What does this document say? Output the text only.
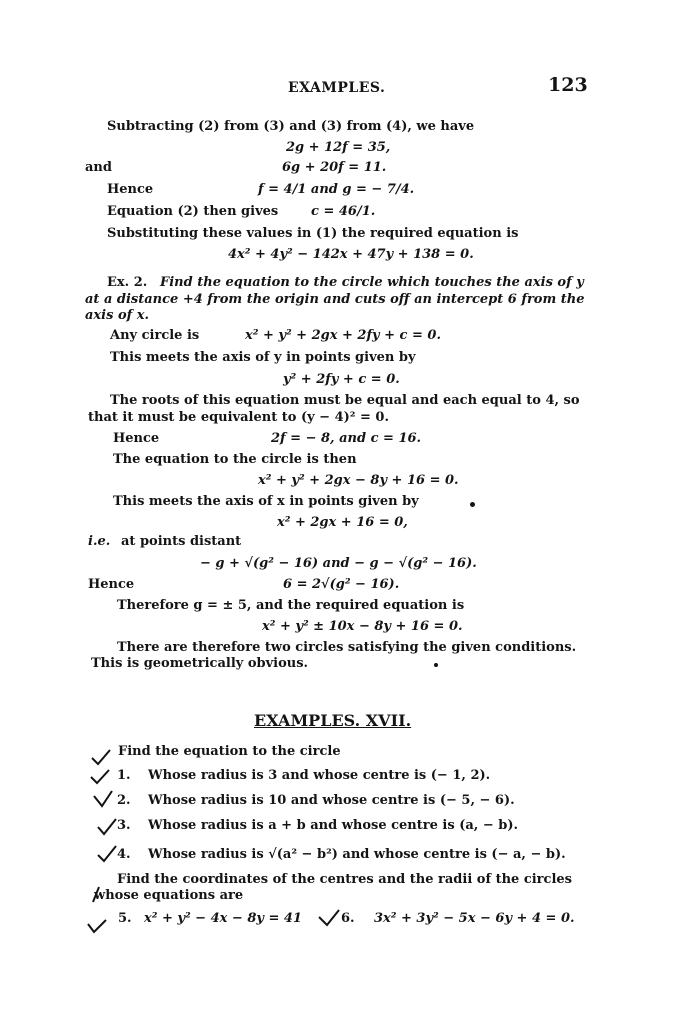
EXAMPLES.	123
Subtracting (2) from (3) and (3) from (4), we have
2g + 12f = 35,
and	6g + 20f = 11.
Hence	f = 4/1 and g = − 7/4.
Equation (2) then gives	c = 46/1.
Substituting these values in (1) the required equation is
4x² + 4y² − 142x + 47y + 138 = 0.
Ex. 2. Find the equation to the circle which touches the axis of y
at a distance +4 from the origin and cuts off an intercept 6 from the
axis of x.
Any circle is	x² + y² + 2gx + 2fy + c = 0.
This meets the axis of y in points given by
y² + 2fy + c = 0.
The roots of this equation must be equal and each equal to 4, so
that it must be equivalent to (y − 4)² = 0.
Hence	2f = − 8, and c = 16.
The equation to the circle is then
x² + y² + 2gx − 8y + 16 = 0.
This meets the axis of x in points given by
x² + 2gx + 16 = 0,
i.e. at points distant
− g + √(g² − 16) and − g − √(g² − 16).
Hence	6 = 2√(g² − 16).
Therefore g = ± 5, and the required equation is
x² + y² ± 10x − 8y + 16 = 0.
There are therefore two circles satisfying the given conditions.
This is geometrically obvious.
EXAMPLES. XVII.
Find the equation to the circle
1. Whose radius is 3 and whose centre is (− 1, 2).
2. Whose radius is 10 and whose centre is (− 5, − 6).
3. Whose radius is a + b and whose centre is (a, − b).
4. Whose radius is √(a² − b²) and whose centre is (− a, − b).
Find the coordinates of the centres and the radii of the circles
whose equations are
5. x² + y² − 4x − 8y = 41	6. 3x² + 3y² − 5x − 6y + 4 = 0.
